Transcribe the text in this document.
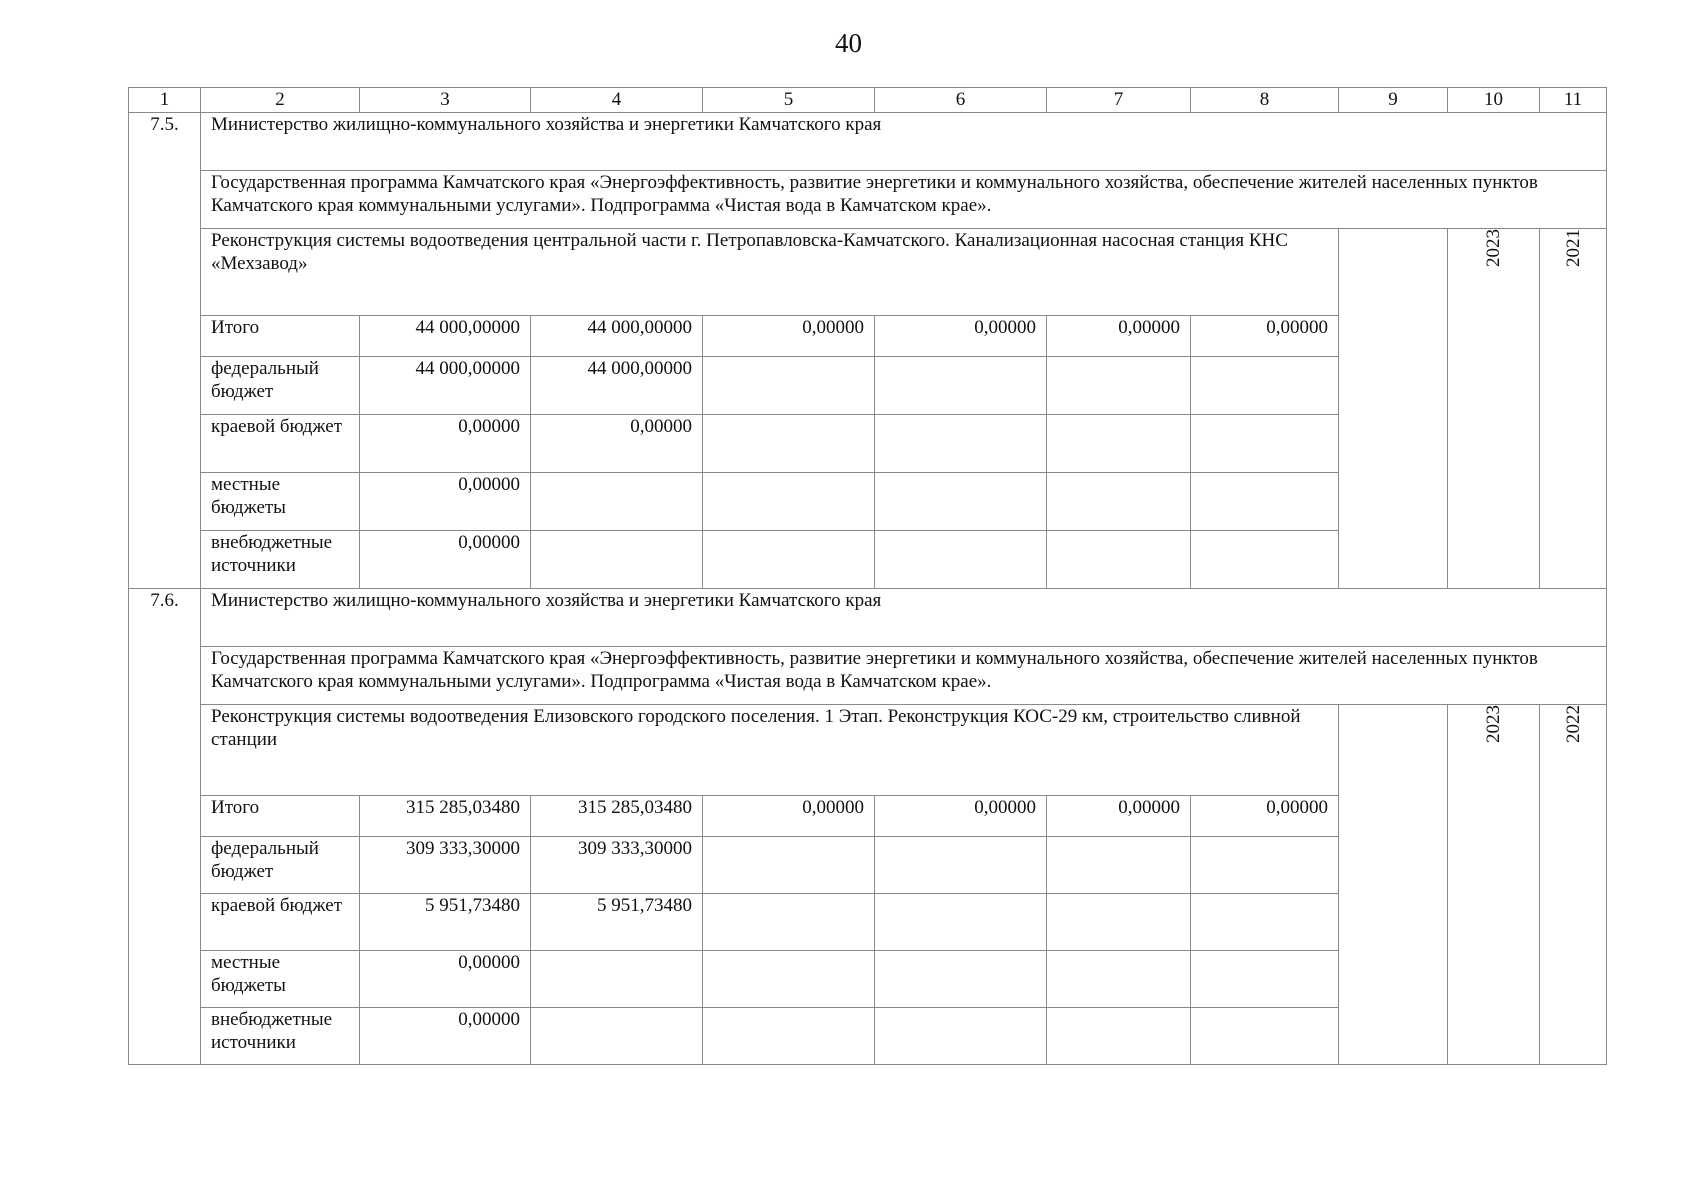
40
1	2	3	4	5	6	7	8	9	10	11
7.5.	Министерство жилищно-коммунального хозяйства и энергетики Камчатского края									
	Государственная программа Камчатского края «Энергоэффективность, развитие энергетики и коммунального хозяйства, обеспечение жителей населенных пунктов Камчатского края коммунальными услугами». Подпрограмма «Чистая вода в Камчатском крае».									
	Реконструкция системы водоотведения центральной части г. Петропавловска-Камчатского. Канализационная насосная станция КНС «Мехзавод»								2023	2021
	Итого	44 000,00000	44 000,00000	0,00000	0,00000	0,00000	0,00000			
	федеральный бюджет	44 000,00000	44 000,00000							
	краевой бюджет	0,00000	0,00000							
	местные бюджеты	0,00000								
	внебюджетные источники	0,00000								
7.6.	Министерство жилищно-коммунального хозяйства и энергетики Камчатского края									
	Государственная программа Камчатского края «Энергоэффективность, развитие энергетики и коммунального хозяйства, обеспечение жителей населенных пунктов Камчатского края коммунальными услугами». Подпрограмма «Чистая вода в Камчатском крае».									
	Реконструкция системы водоотведения Елизовского городского поселения. 1 Этап. Реконструкция КОС-29 км, строительство сливной станции								2023	2022
	Итого	315 285,03480	315 285,03480	0,00000	0,00000	0,00000	0,00000			
	федеральный бюджет	309 333,30000	309 333,30000							
	краевой бюджет	5 951,73480	5 951,73480							
	местные бюджеты	0,00000								
	внебюджетные источники	0,00000								
